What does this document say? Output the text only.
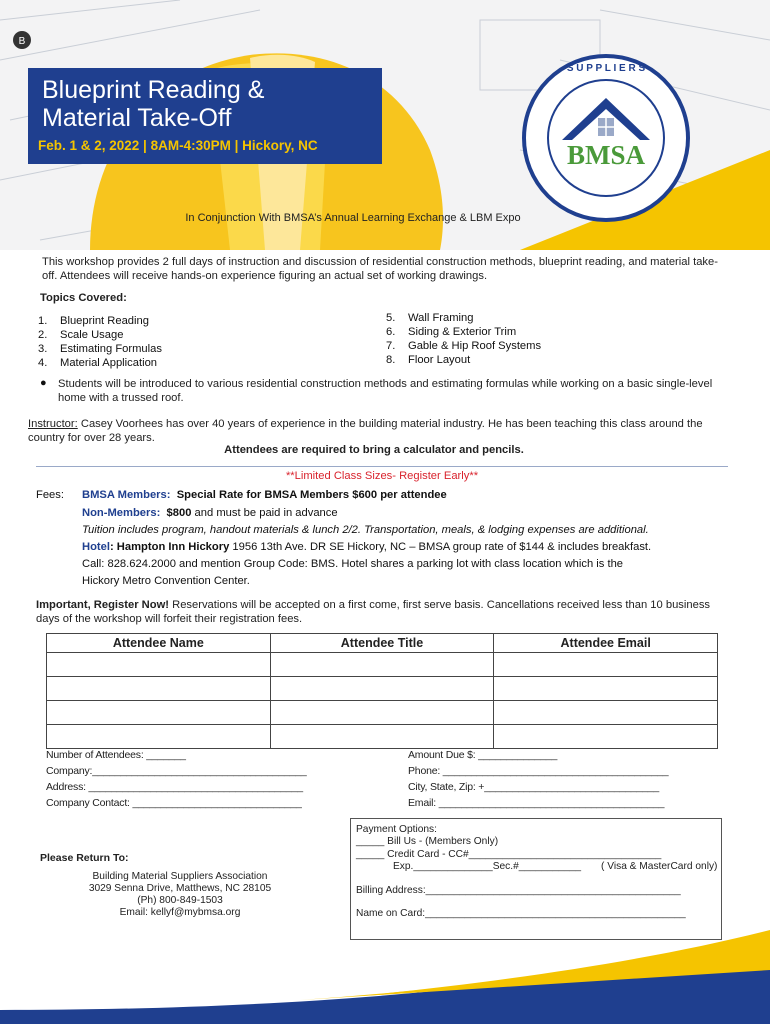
B
S U P P L I E R S
BMSA
Blueprint Reading &
Material Take-Off
Feb. 1 & 2, 2022 | 8AM-4:30PM | Hickory, NC
In Conjunction With BMSA’s Annual Learning Exchange & LBM Expo
This workshop provides 2 full days of instruction and discussion of residential construction methods, blueprint reading, and material take-off. Attendees will receive hands-on experience figuring an actual set of working drawings.
Topics Covered:
1. Blueprint Reading
2. Scale Usage
3. Estimating Formulas
4. Material Application
5. Wall Framing
6. Siding & Exterior Trim
7. Gable & Hip Roof Systems
8. Floor Layout
● Students will be introduced to various residential construction methods and estimating formulas while working on a basic single-level home with a trussed roof.
Instructor: Casey Voorhees has over 40 years of experience in the building material industry. He has been teaching this class around the country for over 28 years.
Attendees are required to bring a calculator and pencils.
**Limited Class Sizes- Register Early**
Fees: BMSA Members: Special Rate for BMSA Members $600 per attendee
Non-Members: $800 and must be paid in advance
Tuition includes program, handout materials & lunch 2/2. Transportation, meals, & lodging expenses are additional.
Hotel: Hampton Inn Hickory 1956 13th Ave. DR SE Hickory, NC – BMSA group rate of $144 & includes breakfast.
Call: 828.624.2000 and mention Group Code: BMS. Hotel shares a parking lot with class location which is the
Hickory Metro Convention Center.
Important, Register Now! Reservations will be accepted on a first come, first serve basis. Cancellations received less than 10 business days of the workshop will forfeit their registration fees.
Attendee Name	Attendee Title	Attendee Email

Number of Attendees: _______
Company:______________________________________
Address: ______________________________________
Company Contact: ______________________________
Amount Due $: ______________
Phone: ________________________________________
City, State, Zip: +_______________________________
Email: ________________________________________
Please Return To:
Building Material Suppliers Association
3029 Senna Drive, Matthews, NC 28105
(Ph) 800-849-1503
Email: kellyf@mybmsa.org
Payment Options:
_____ Bill Us - (Members Only)
_____ Credit Card - CC#__________________________________
Exp.______________Sec.#___________ ( Visa & MasterCard only)
Billing Address:_____________________________________________
Name on Card:______________________________________________
